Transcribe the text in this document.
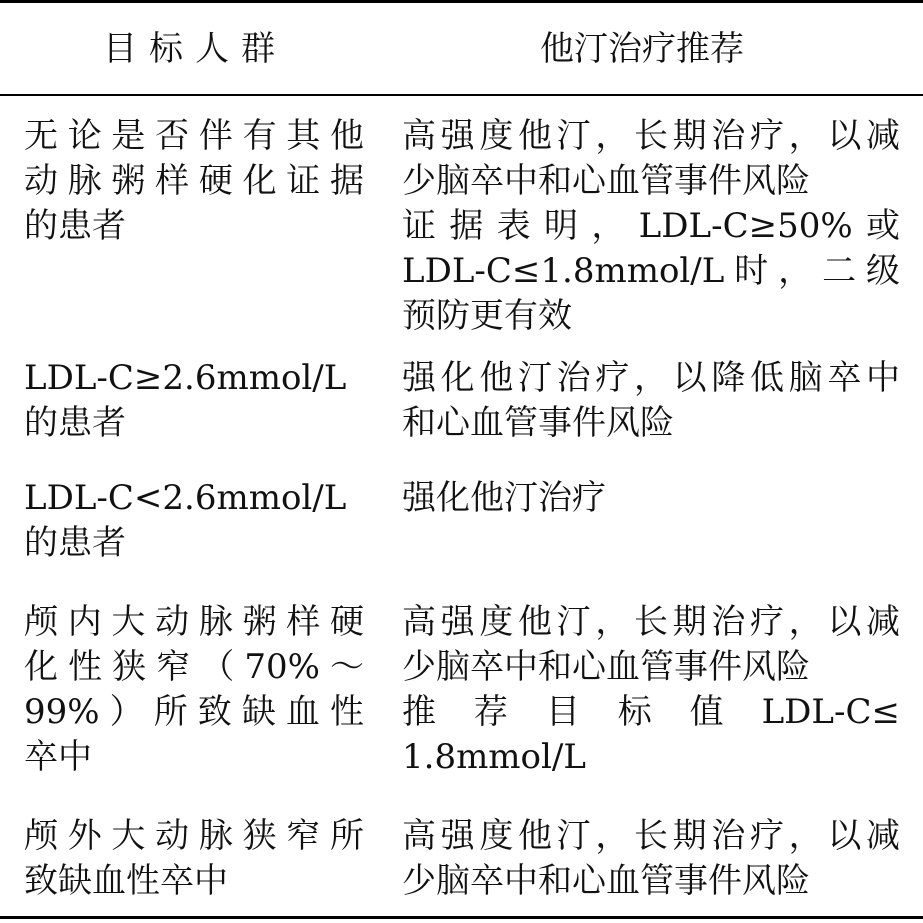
目标人群	他汀治疗推荐
无论是否伴有其他
动脉粥样硬化证据
的患者
高强度他汀，长期治疗，以减
少脑卒中和心血管事件风险
证据表明，LDL-C≥50%或
LDL-C≤1.8mmol/L时，二级
预防更有效
LDL-C≥2.6mmol/L
的患者
强化他汀治疗，以降低脑卒中
和心血管事件风险
LDL-C<2.6mmol/L
的患者
强化他汀治疗
颅内大动脉粥样硬
化性狭窄（70%～
99%）所致缺血性
卒中
高强度他汀，长期治疗，以减
少脑卒中和心血管事件风险
推荐目标值LDL-C≤
1.8mmol/L
颅外大动脉狭窄所
致缺血性卒中
高强度他汀，长期治疗，以减
少脑卒中和心血管事件风险
